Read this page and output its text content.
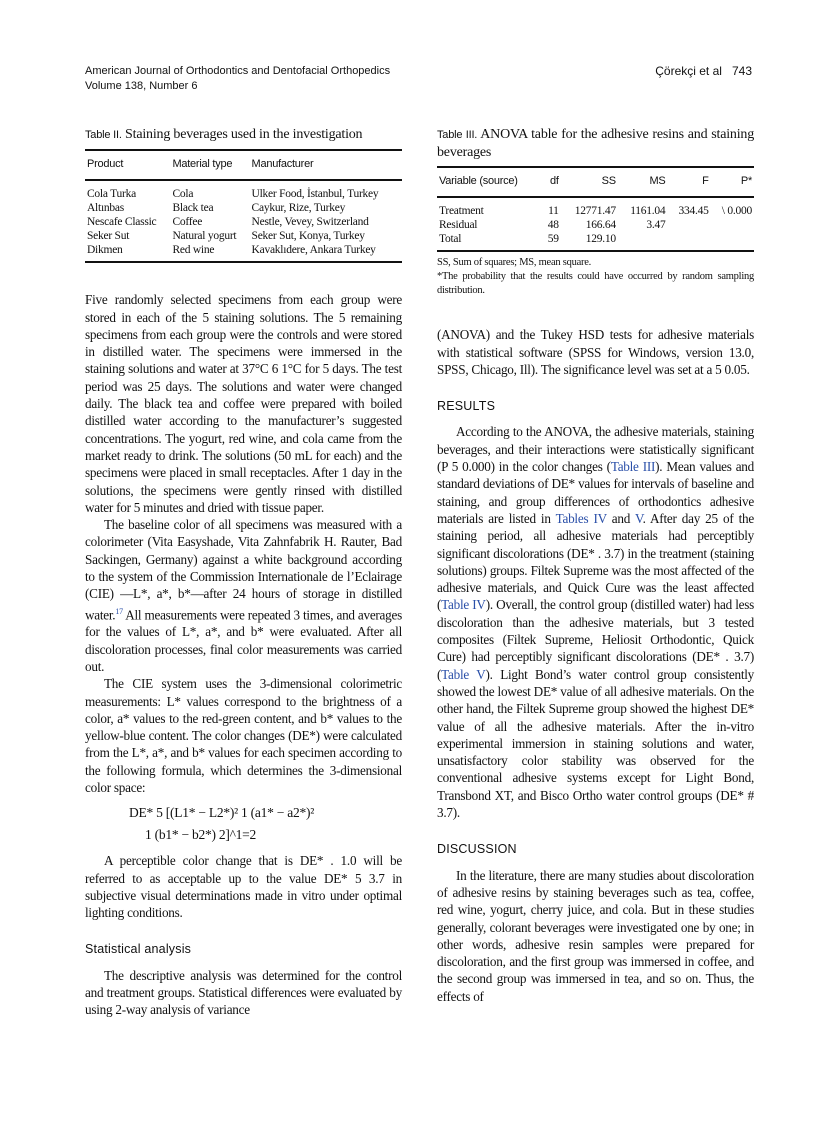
American Journal of Orthodontics and Dentofacial Orthopedics
Volume 138, Number 6
Çörekçi et al 743
Table II. Staining beverages used in the investigation
Product	Material type	Manufacturer
Cola Turka	Cola	Ulker Food, İstanbul, Turkey
Altınbas	Black tea	Caykur, Rize, Turkey
Nescafe Classic	Coffee	Nestle, Vevey, Switzerland
Seker Sut	Natural yogurt	Seker Sut, Konya, Turkey
Dikmen	Red wine	Kavaklıdere, Ankara Turkey

Five randomly selected specimens from each group were stored in each of the 5 staining solutions. The 5 remaining specimens from each group were the controls and were stored in distilled water. The specimens were immersed in the staining solutions and water at 37°C 6 1°C for 5 days. The test period was 25 days. The solutions and water were changed daily. The black tea and coffee were prepared with boiled distilled water according to the manufacturer’s suggested concentrations. The yogurt, red wine, and cola came from the market ready to drink. The solutions (50 mL for each) and the specimens were placed in small receptacles. After 1 day in the solutions, the specimens were gently rinsed with distilled water for 5 minutes and dried with tissue paper.

The baseline color of all specimens was measured with a colorimeter (Vita Easyshade, Vita Zahnfabrik H. Rauter, Bad Sackingen, Germany) against a white background according to the system of the Commission Internationale de l’Eclairage (CIE) —L*, a*, b*—after 24 hours of storage in distilled water.$^{17}$ All measurements were repeated 3 times, and averages for the values of L*, a*, and b* were evaluated. After all discoloration processes, final color measurements was carried out.

The CIE system uses the 3-dimensional colorimetric measurements: L* values correspond to the brightness of a color, a* values to the red-green content, and b* values to the yellow-blue content. The color changes (DE*) were calculated from the L*, a*, and b* values for each specimen according to the following formula, which determines the 3-dimensional color space:

DE* 5 [(L1* − L2*)² 1 (a1* − a2*)²
1 (b1* − b2*) 2]^1=2

A perceptible color change that is DE* . 1.0 will be referred to as acceptable up to the value DE* 5 3.7 in subjective visual determinations made in vitro under optimal lighting conditions.

Statistical analysis

The descriptive analysis was determined for the control and treatment groups. Statistical differences were evaluated by using 2-way analysis of variance

Table III. ANOVA table for the adhesive resins and staining beverages
Variable (source)	df	SS	MS	F	P*
Treatment	11	12771.47	1161.04	334.45	\ 0.000
Residual	48	166.64	3.47		
Total	59	129.10			
SS, Sum of squares; MS, mean square.
*The probability that the results could have occurred by random sampling distribution.

(ANOVA) and the Tukey HSD tests for adhesive materials with statistical software (SPSS for Windows, version 13.0, SPSS, Chicago, Ill). The significance level was set at a 5 0.05.

RESULTS

According to the ANOVA, the adhesive materials, staining beverages, and their interactions were statistically significant (P 5 0.000) in the color changes (Table III). Mean values and standard deviations of DE* values for intervals of baseline and staining, and group differences of orthodontics adhesive materials are listed in Tables IV and V. After day 25 of the staining period, all adhesive materials had perceptibly significant discolorations (DE* . 3.7) in the treatment (staining solutions) groups. Filtek Supreme was the most affected of the adhesive materials, and Quick Cure was the least affected (Table IV). Overall, the control group (distilled water) had less discoloration than the adhesive materials, but 3 tested composites (Filtek Supreme, Heliosit Orthodontic, Quick Cure) had perceptibly significant discolorations (DE* . 3.7) (Table V). Light Bond’s water control group consistently showed the lowest DE* value of all adhesive materials. On the other hand, the Filtek Supreme group showed the highest DE* value of all the adhesive materials. After the in-vitro experimental immersion in staining solutions and water, unsatisfactory color stability was observed for the conventional adhesive systems except for Light Bond, Transbond XT, and Bisco Ortho water control groups (DE* # 3.7).

DISCUSSION

In the literature, there are many studies about discoloration of adhesive resins by staining beverages such as tea, coffee, red wine, yogurt, cherry juice, and cola. But in these studies generally, colorant beverages were investigated one by one; in other words, adhesive resin samples were prepared for discoloration, and the first group was immersed in coffee, and the second group was immersed in tea, and so on. Thus, the effects of
